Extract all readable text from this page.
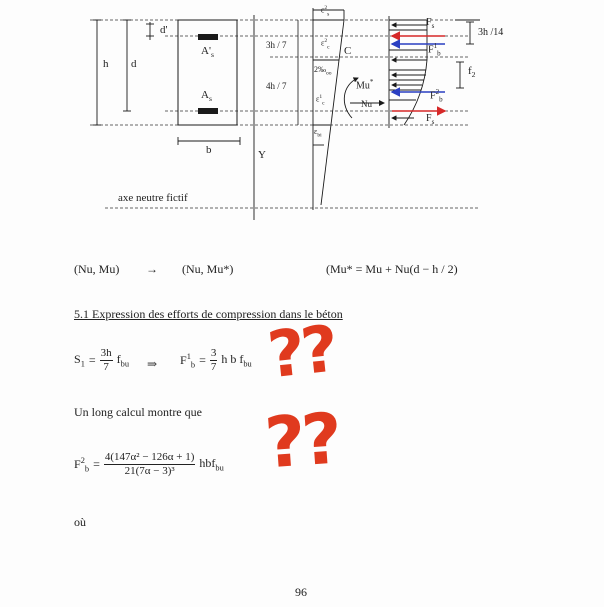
h d
d'
$A'_s$
$A_s$
b	Y
axe neutre fictif
3h / 7
4h / 7
$\varepsilon^2_s$
$\varepsilon^2_c$
$2‰_{oo}$
$\varepsilon^1_c$
$\varepsilon_{bi}$
C
Mu*
Nu
$F_s$
$F^1_b$
$F^2_b$
$F_s$
3h /14
$f_2$
(Nu, Mu) → (Nu, Mu*)	(Mu* = Mu + Nu(d − h / 2)
5.1 Expression des efforts de compression dans le béton
$S_1 = \frac{3h}{7} f_{bu}$ ⇒ $F^1_b = \frac{3}{7}$ h b $f_{bu}$
Un long calcul montre que
$F^2_b = \frac{\text{4(147α² − 126α + 1)}}{\text{21(7α − 3)³}} hbf_{bu}$
où
96
??
??
